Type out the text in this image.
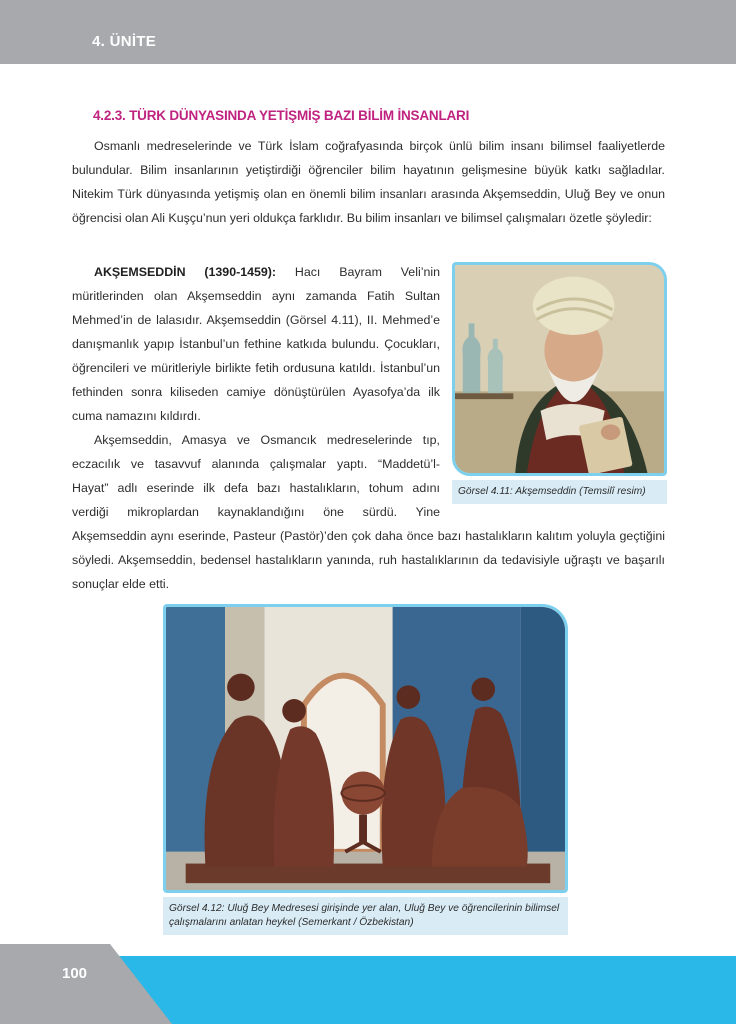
4. ÜNİTE
4.2.3. TÜRK DÜNYASINDA YETİŞMİŞ BAZI BİLİM İNSANLARI

Osmanlı medreselerinde ve Türk İslam coğrafyasında birçok ünlü bilim insanı bilimsel faaliyetlerde bulundular. Bilim insanlarının yetiştirdiği öğrenciler bilim hayatının gelişmesine büyük katkı sağladılar. Nitekim Türk dünyasında yetişmiş olan en önemli bilim insanları arasında Akşemseddin, Uluğ Bey ve onun öğrencisi olan Ali Kuşçu’nun yeri oldukça farklıdır. Bu bilim insanları ve bilimsel çalışmaları özetle şöyledir:

AKŞEMSEDDİN (1390-1459): Hacı Bayram Veli’nin müritlerinden olan Akşemseddin aynı zamanda Fatih Sultan Mehmed’in de lalasıdır. Akşemseddin (Görsel 4.11), II. Mehmed’e danışmanlık yapıp İstanbul’un fethine katkıda bulundu. Çocukları, öğrencileri ve müritleriyle birlikte fetih ordusuna katıldı. İstanbul’un fethinden sonra kiliseden camiye dönüştürülen Ayasofya’da ilk cuma namazını kıldırdı.

Akşemseddin, Amasya ve Osmancık medreselerinde tıp,
eczacılık ve tasavvuf alanında çalışmalar yaptı. “Maddetü’l-
Hayat” adlı eserinde ilk defa bazı hastalıkların, tohum adını
verdiği mikroplardan kaynaklandığını öne sürdü. Yine
Akşemseddin aynı eserinde, Pasteur (Pastör)’den çok daha önce bazı hastalıkların kalıtım yoluyla geçtiğini söyledi. Akşemseddin, bedensel hastalıkların yanında, ruh hastalıklarının da tedavisiyle uğraştı ve başarılı sonuçlar elde etti.
Görsel 4.11: Akşemseddin (Temsilî resim)
Görsel 4.12: Uluğ Bey Medresesi girişinde yer alan, Uluğ Bey ve öğrencilerinin bilimsel çalışmalarını anlatan heykel (Semerkant / Özbekistan)
100
